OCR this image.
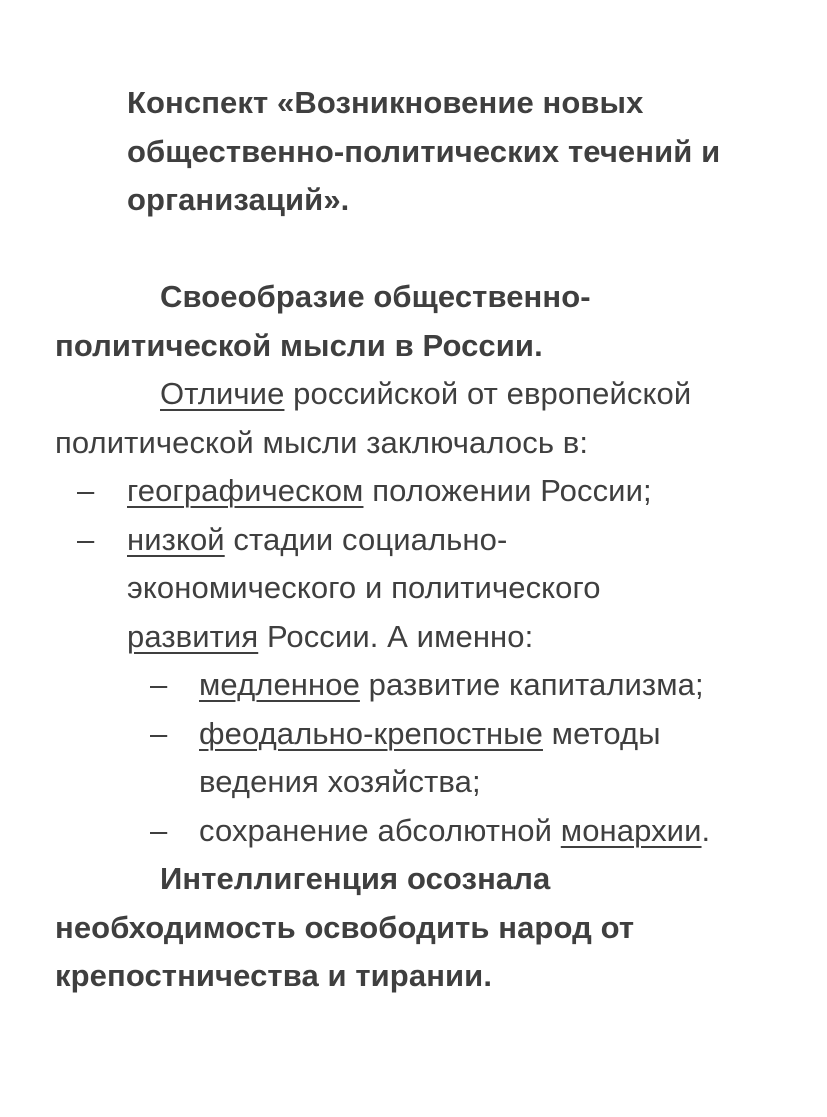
Конспект «Возникновение новых
общественно-политических течений и
организаций».
Своеобразие общественно-
политической мысли в России.
Отличие российской от европейской
политической мысли заключалось в:
– географическом положении России;
– низкой стадии социально-
экономического и политического
развития России. А именно:
– медленное развитие капитализма;
– феодально-крепостные методы
ведения хозяйства;
– сохранение абсолютной монархии.
Интеллигенция осознала
необходимость освободить народ от
крепостничества и тирании.
